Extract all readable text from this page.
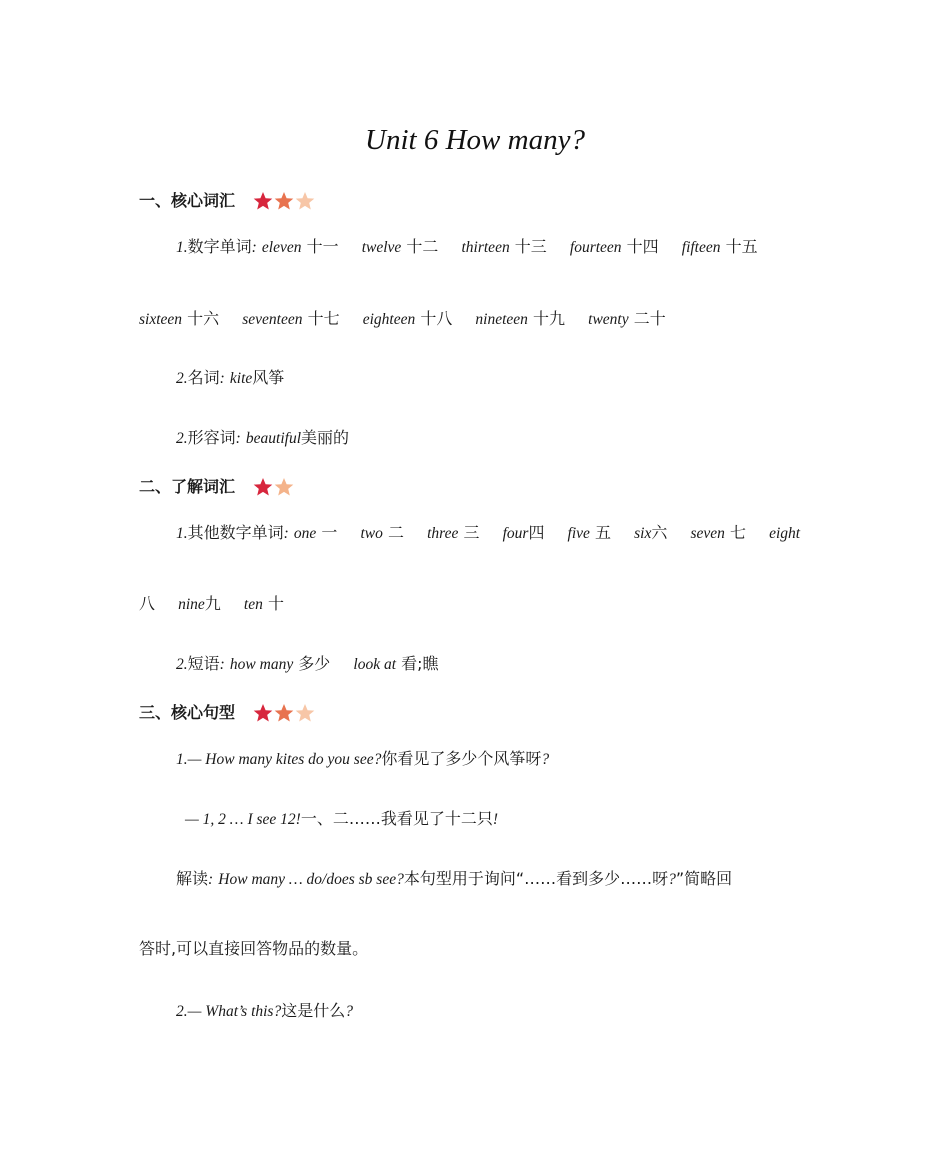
Unit 6 How many?
一、核心词汇
1.数字单词: eleven 十一 twelve 十二 thirteen 十三 fourteen 十四 fifteen 十五
sixteen 十六 seventeen 十七 eighteen 十八 nineteen 十九 twenty 二十
2.名词: kite风筝
2.形容词: beautiful美丽的
二、了解词汇
1.其他数字单词: one 一 two 二 three 三 four四 five 五 six六 seven 七 eight
八 nine九 ten 十
2.短语: how many 多少 look at 看;瞧
三、核心句型
1.— How many kites do you see?你看见了多少个风筝呀?
— 1, 2 … I see 12!一、二……我看见了十二只!
解读: How many … do/does sb see?本句型用于询问“……看到多少……呀?”简略回
答时,可以直接回答物品的数量。
2.— What’s this?这是什么?
